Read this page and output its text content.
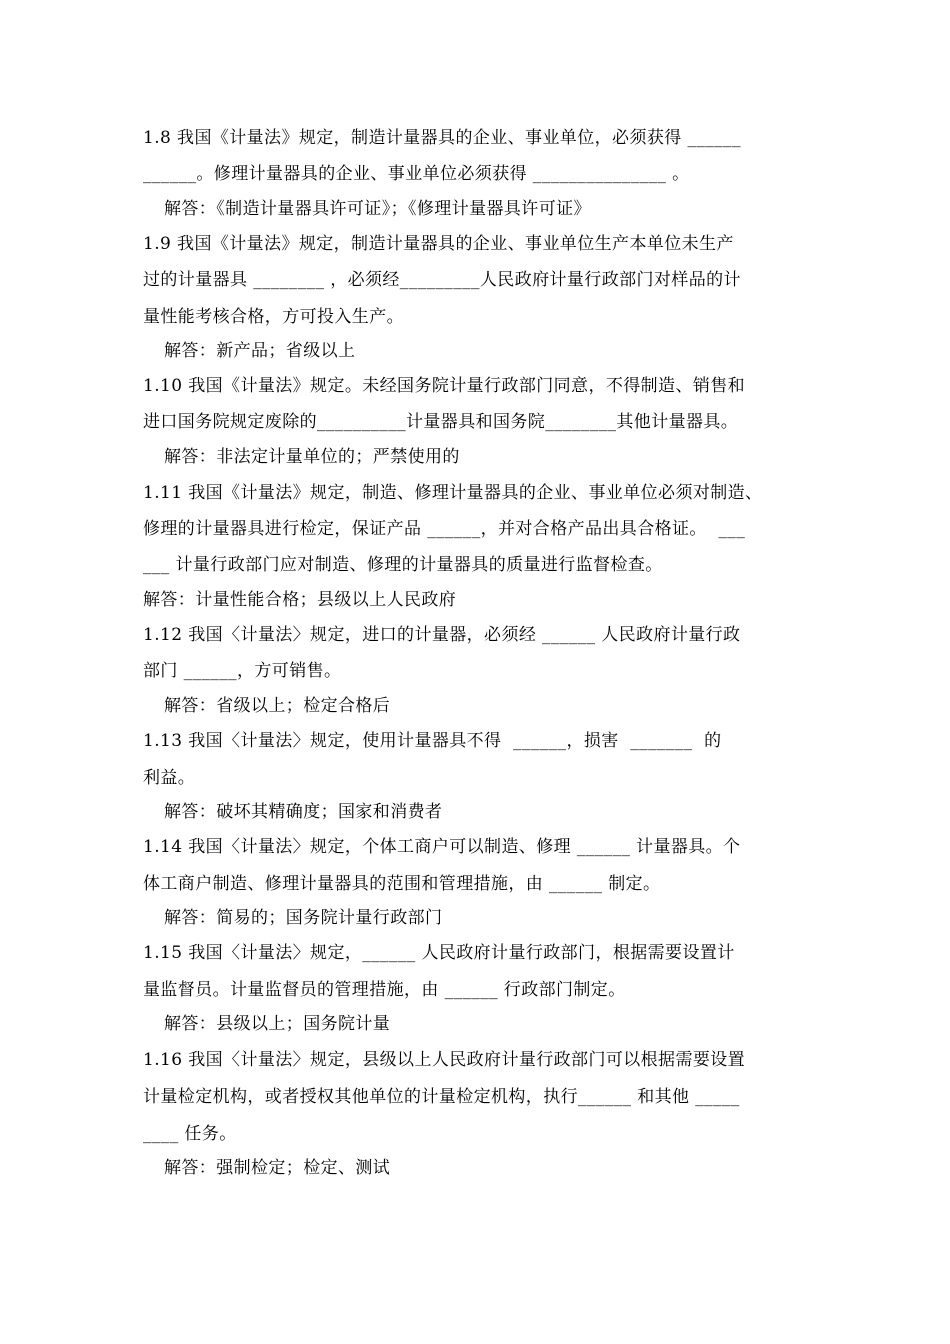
1.8 我国《计量法》规定，制造计量器具的企业、事业单位，必须获得 ______
______。修理计量器具的企业、事业单位必须获得 _______________ 。
解答：《制造计量器具许可证》；《修理计量器具许可证》
1.9 我国《计量法》规定，制造计量器具的企业、事业单位生产本单位未生产
过的计量器具 ________ ，必须经_________人民政府计量行政部门对样品的计
量性能考核合格，方可投入生产。
解答：新产品；省级以上
1.10 我国《计量法》规定。未经国务院计量行政部门同意，不得制造、销售和
进口国务院规定废除的__________计量器具和国务院________其他计量器具。
解答：非法定计量单位的；严禁使用的
1.11 我国《计量法》规定，制造、修理计量器具的企业、事业单位必须对制造、
修理的计量器具进行检定，保证产品 ______，并对合格产品出具合格证。  ___
___ 计量行政部门应对制造、修理的计量器具的质量进行监督检查。
解答：计量性能合格；县级以上人民政府
1.12 我国〈计量法〉规定，进口的计量器，必须经 ______ 人民政府计量行政
部门 ______，方可销售。
解答：省级以上；检定合格后
1.13 我国〈计量法〉规定，使用计量器具不得  ______，损害  _______  的
利益。
解答：破坏其精确度；国家和消费者
1.14 我国〈计量法〉规定，个体工商户可以制造、修理 ______ 计量器具。个
体工商户制造、修理计量器具的范围和管理措施，由 ______ 制定。
解答：简易的；国务院计量行政部门
1.15 我国〈计量法〉规定，______ 人民政府计量行政部门，根据需要设置计
量监督员。计量监督员的管理措施，由 ______ 行政部门制定。
解答：县级以上；国务院计量
1.16 我国〈计量法〉规定，县级以上人民政府计量行政部门可以根据需要设置
计量检定机构，或者授权其他单位的计量检定机构，执行______ 和其他 _____
____ 任务。
解答：强制检定；检定、测试
